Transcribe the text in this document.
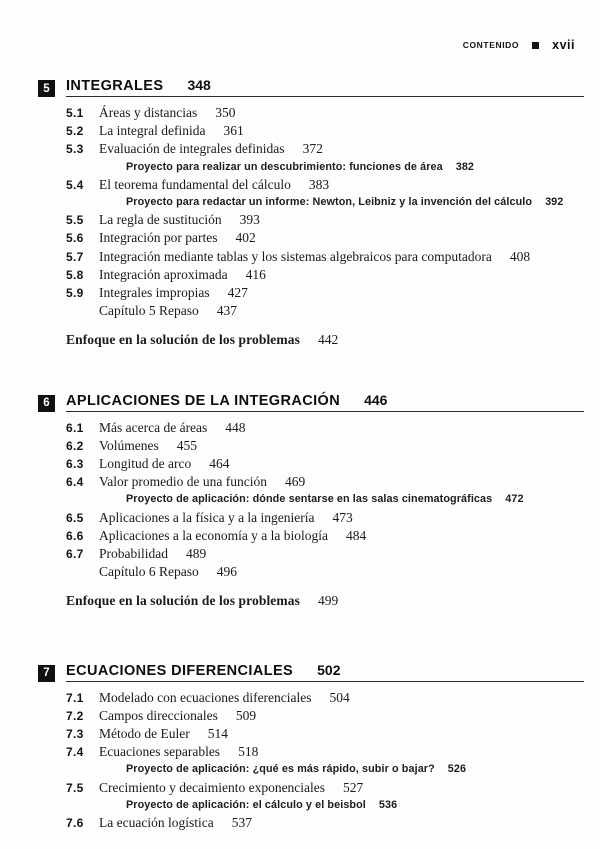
CONTENIDO	xvii
5	INTEGRALES 348
5.1	Áreas y distancias 350
5.2	La integral definida 361
5.3	Evaluación de integrales definidas 372
Proyecto para realizar un descubrimiento: funciones de área 382
5.4	El teorema fundamental del cálculo 383
Proyecto para redactar un informe: Newton, Leibniz y la invención del cálculo 392
5.5	La regla de sustitución 393
5.6	Integración por partes 402
5.7	Integración mediante tablas y los sistemas algebraicos para computadora 408
5.8	Integración aproximada 416
5.9	Integrales impropias 427
Capítulo 5 Repaso 437
Enfoque en la solución de los problemas 442
6	APLICACIONES DE LA INTEGRACIÓN 446
6.1	Más acerca de áreas 448
6.2	Volúmenes 455
6.3	Longitud de arco 464
6.4	Valor promedio de una función 469
Proyecto de aplicación: dónde sentarse en las salas cinematográficas 472
6.5	Aplicaciones a la física y a la ingeniería 473
6.6	Aplicaciones a la economía y a la biología 484
6.7	Probabilidad 489
Capítulo 6 Repaso 496
Enfoque en la solución de los problemas 499
7	ECUACIONES DIFERENCIALES 502
7.1	Modelado con ecuaciones diferenciales 504
7.2	Campos direccionales 509
7.3	Método de Euler 514
7.4	Ecuaciones separables 518
Proyecto de aplicación: ¿qué es más rápido, subir o bajar? 526
7.5	Crecimiento y decaimiento exponenciales 527
Proyecto de aplicación: el cálculo y el beisbol 536
7.6	La ecuación logística 537
